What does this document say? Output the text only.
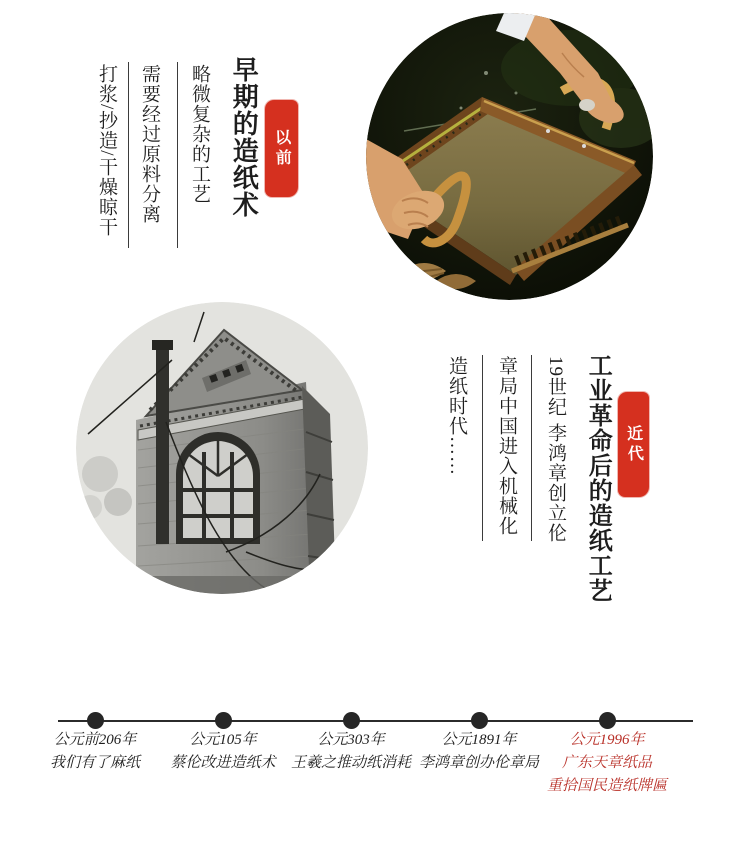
以前
早期的造纸术
略微复杂的工艺
需要经过原料分离
打浆/抄造/干燥晾干
近代
工业革命后的造纸工艺
19世纪 李鸿章创立伦
章局中国进入机械化
造纸时代……
公元前206年
我们有了麻纸
公元105年
蔡伦改进造纸术
公元303年
王羲之推动纸消耗
公元1891年
李鸿章创办伦章局
公元1996年
广东天章纸品
重拾国民造纸牌匾
